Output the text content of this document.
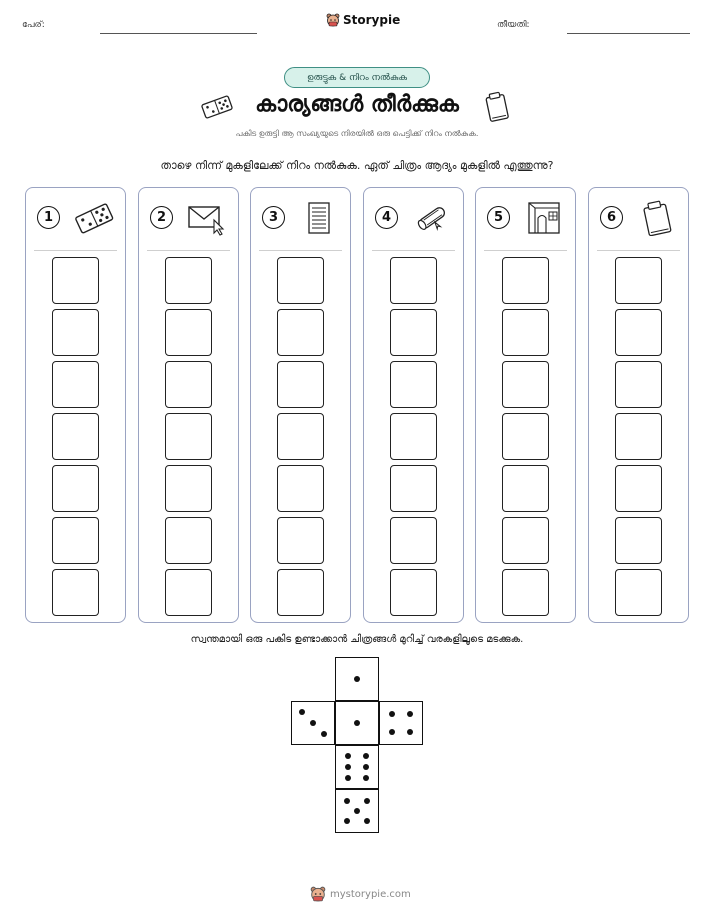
പേര്:	Storypie	തീയതി:
ഉരുട്ടുക & നിറം നൽകുക
കാര്യങ്ങൾ തീർക്കുക
പകിട ഉരുട്ടി ആ സംഖ്യയുടെ നിരയിൽ ഒരു പെട്ടിക്ക് നിറം നൽകുക.
താഴെ നിന്ന് മുകളിലേക്ക് നിറം നൽകുക. ഏത് ചിത്രം ആദ്യം മുകളിൽ എത്തുന്നു?
1	2	3	4	5	6
സ്വന്തമായി ഒരു പകിട ഉണ്ടാക്കാൻ ചിത്രങ്ങൾ മുറിച്ച് വരകളിലൂടെ മടക്കുക.
mystorypie.com
